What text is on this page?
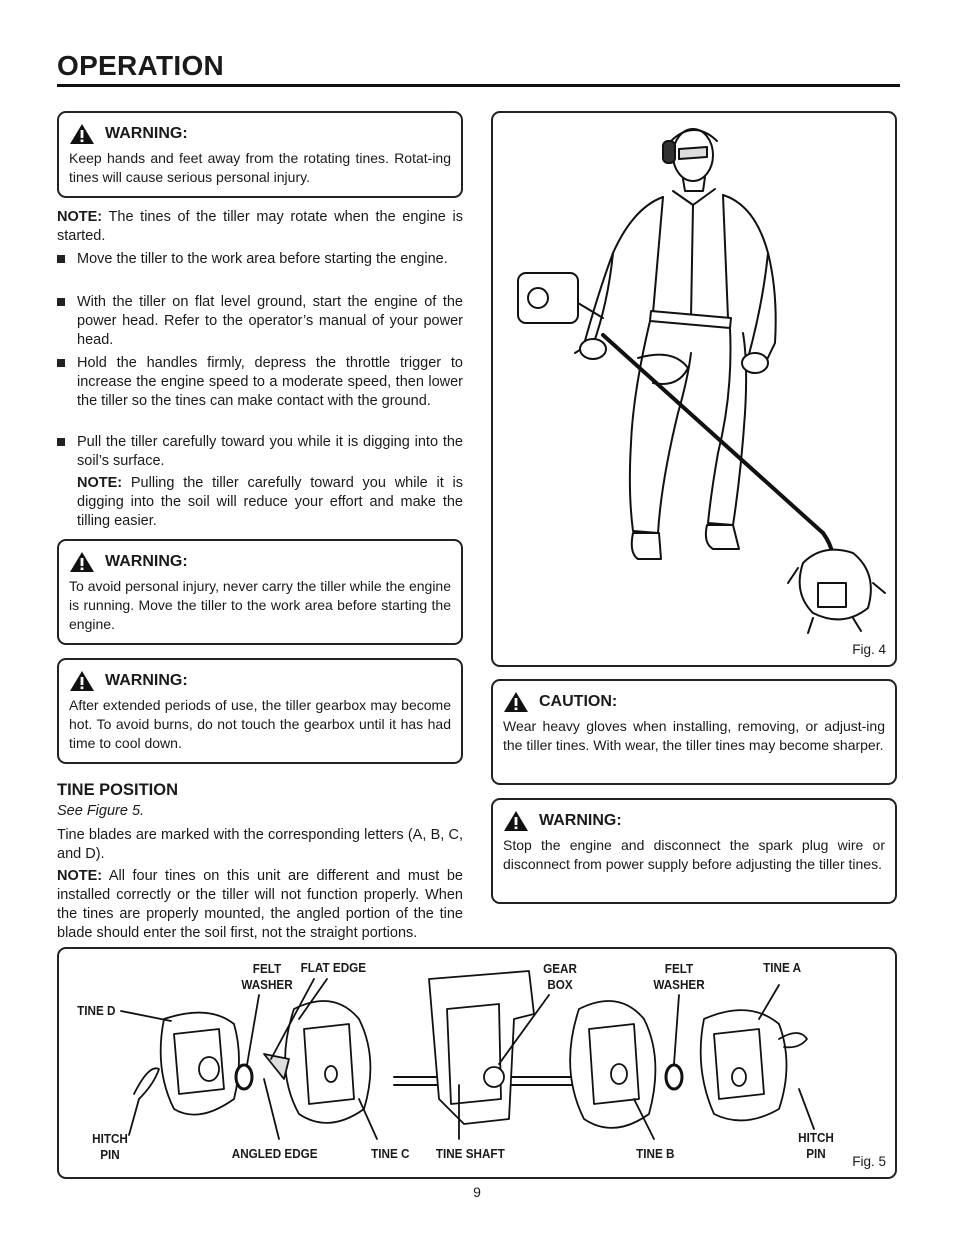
OPERATION
WARNING:
Keep hands and feet away from the rotating tines. Rotat-ing tines will cause serious personal injury.
NOTE: The tines of the tiller may rotate when the engine is started.
Move the tiller to the work area before starting the engine.
With the tiller on flat level ground, start the engine of the power head. Refer to the operator’s manual of your power head.
Hold the handles firmly, depress the throttle trigger to increase the engine speed to a moderate speed, then lower the tiller so the tines can make contact with the ground.
Pull the tiller carefully toward you while it is digging into the soil’s surface.
NOTE: Pulling the tiller carefully toward you while it is digging into the soil will reduce your effort and make the tilling easier.
WARNING:
To avoid personal injury, never carry the tiller while the engine is running. Move the tiller to the work area before starting the engine.
WARNING:
After extended periods of use, the tiller gearbox may become hot. To avoid burns, do not touch the gearbox until it has had time to cool down.
TINE POSITION
See Figure 5.
Tine blades are marked with the corresponding letters (A, B, C, and D).
NOTE: All four tines on this unit are different and must be installed correctly or the tiller will not function properly. When the tines are properly mounted, the angled portion of the tine blade should enter the soil first, not the straight portions.
Fig. 4
CAUTION:
Wear heavy gloves when installing, removing, or adjust-ing the tiller tines. With wear, the tiller tines may become sharper.
WARNING:
Stop the engine and disconnect the spark plug wire or disconnect from power supply before adjusting the tiller tines.
TINE D
FELT WASHER
FLAT EDGE	GEAR BOX
FELT WASHER
TINE A
HITCH PIN	ANGLED EDGE	TINE C TINE SHAFT	TINE B
HITCH PIN
Fig. 5
9
